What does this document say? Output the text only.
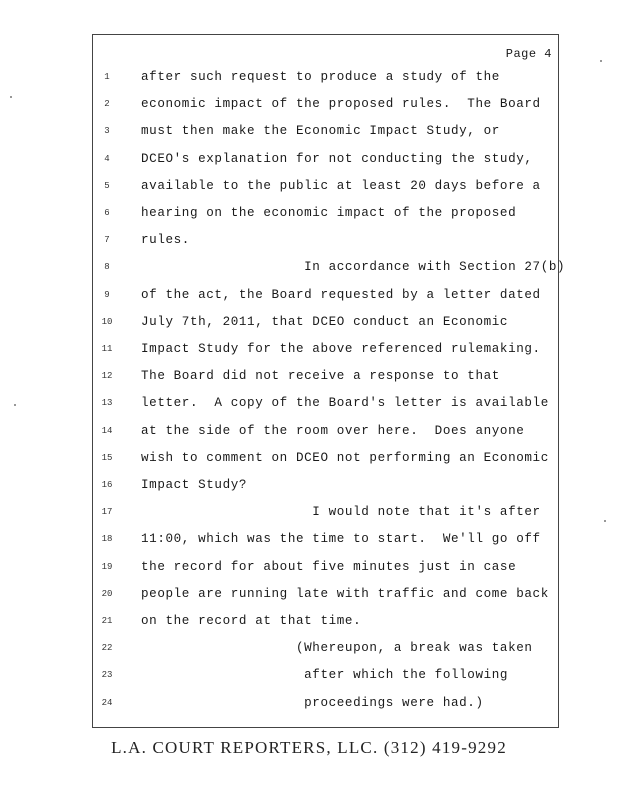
Page 4
1	after such request to produce a study of the
2	economic impact of the proposed rules.  The Board
3	must then make the Economic Impact Study, or
4	DCEO's explanation for not conducting the study,
5	available to the public at least 20 days before a
6	hearing on the economic impact of the proposed
7	rules.
8	In accordance with Section 27(b)
9	of the act, the Board requested by a letter dated
10 July 7th, 2011, that DCEO conduct an Economic
11 Impact Study for the above referenced rulemaking.
12 The Board did not receive a response to that
13 letter.  A copy of the Board's letter is available
14 at the side of the room over here.  Does anyone
15 wish to comment on DCEO not performing an Economic
16 Impact Study?
17 I would note that it's after
18 11:00, which was the time to start.  We'll go off
19 the record for about five minutes just in case
20 people are running late with traffic and come back
21 on the record at that time.
22 (Whereupon, a break was taken
23 after which the following
24 proceedings were had.)
L.A. COURT REPORTERS, LLC. (312) 419-9292
